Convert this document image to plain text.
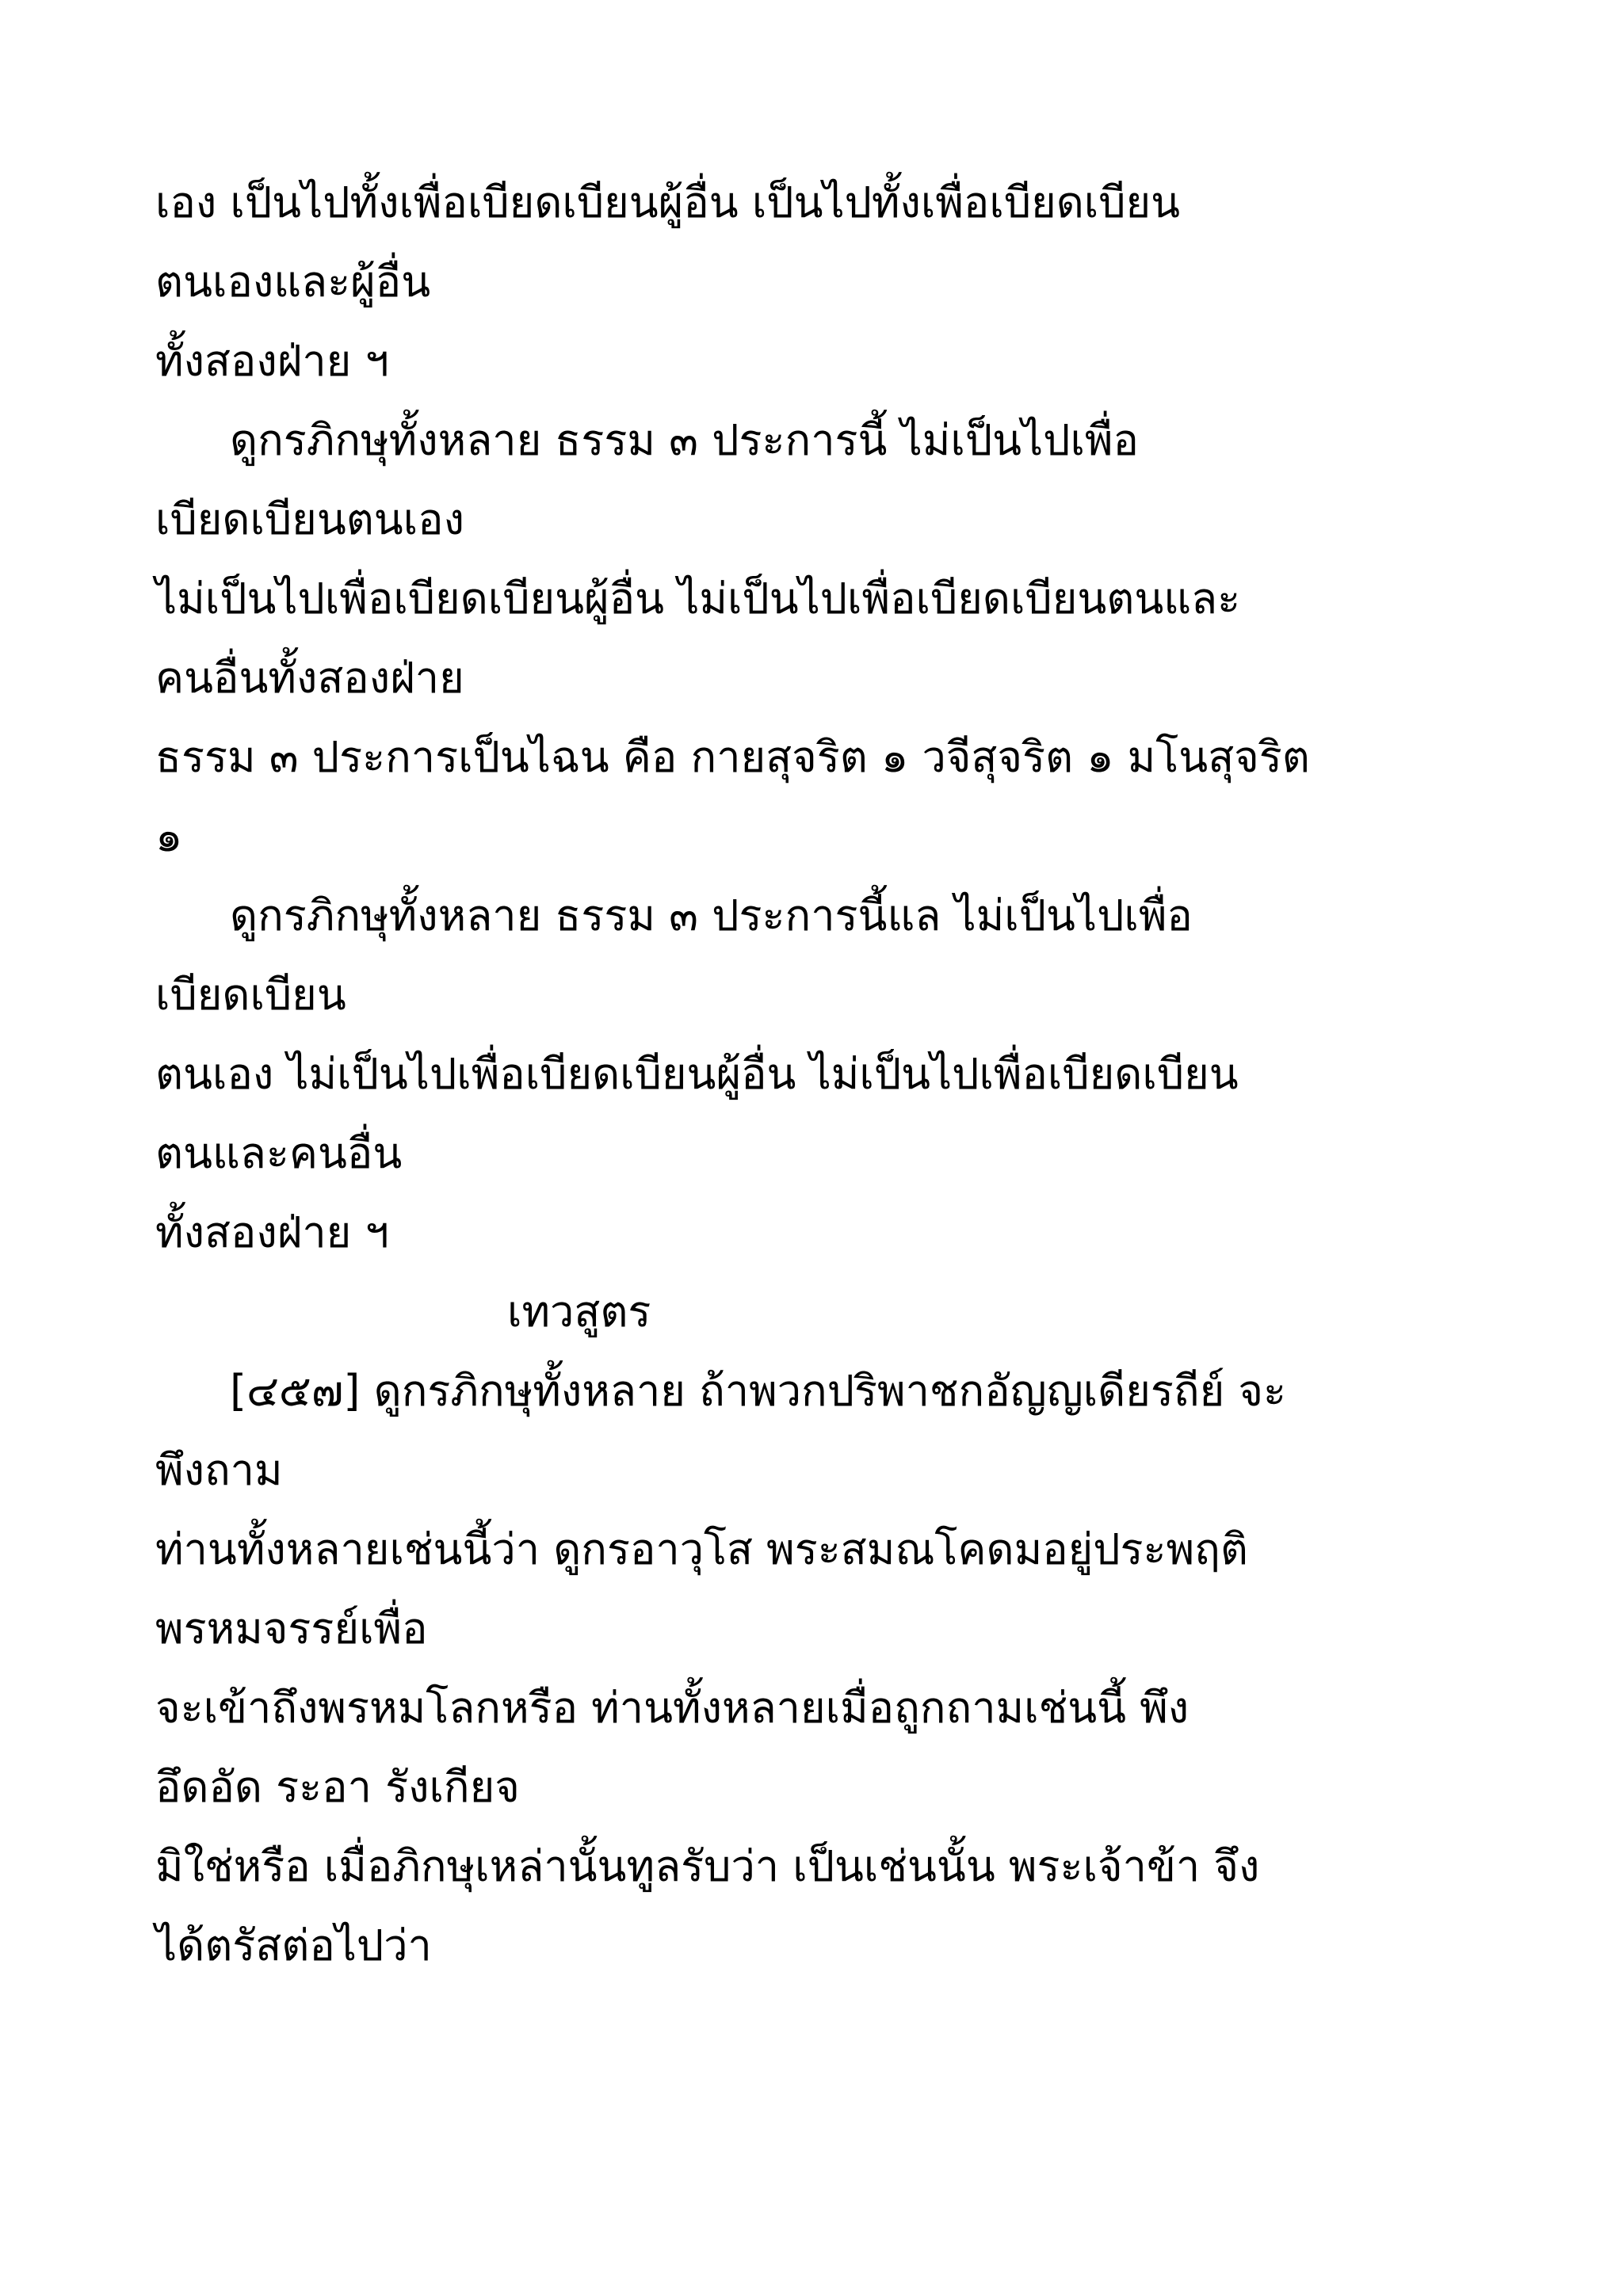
เอง เป็นไปทั้งเพื่อเบียดเบียนผู้อื่น เป็นไปทั้งเพื่อเบียดเบียน
ตนเองและผู้อื่น
ทั้งสองฝ่าย ฯ
ดูกรภิกษุทั้งหลาย ธรรม ๓ ประการนี้ ไม่เป็นไปเพื่อ
เบียดเบียนตนเอง
ไม่เป็นไปเพื่อเบียดเบียนผู้อื่น ไม่เป็นไปเพื่อเบียดเบียนตนและ
คนอื่นทั้งสองฝ่าย
ธรรม ๓ ประการเป็นไฉน คือ กายสุจริต ๑ วจีสุจริต ๑ มโนสุจริต
๑
ดูกรภิกษุทั้งหลาย ธรรม ๓ ประการนี้แล ไม่เป็นไปเพื่อ
เบียดเบียน
ตนเอง ไม่เป็นไปเพื่อเบียดเบียนผู้อื่น ไม่เป็นไปเพื่อเบียดเบียน
ตนและคนอื่น
ทั้งสองฝ่าย ฯ
เทวสูตร
[๔๕๗] ดูกรภิกษุทั้งหลาย ถ้าพวกปริพาชกอัญญเดียรถีย์ จะ
พึงถาม
ท่านทั้งหลายเช่นนี้ว่า ดูกรอาวุโส พระสมณโคดมอยู่ประพฤติ
พรหมจรรย์เพื่อ
จะเข้าถึงพรหมโลกหรือ ท่านทั้งหลายเมื่อถูกถามเช่นนี้ พึง
อึดอัด ระอา รังเกียจ
มิใช่หรือ เมื่อภิกษุเหล่านั้นทูลรับว่า เป็นเช่นนั้น พระเจ้าข้า จึง
ได้ตรัสต่อไปว่า
